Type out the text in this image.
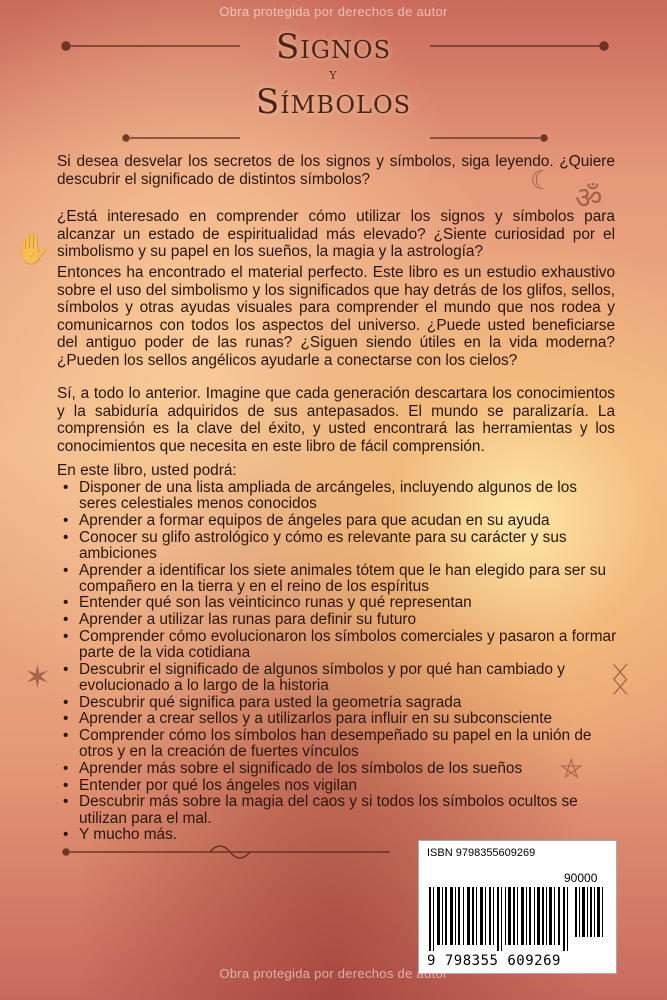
Obra protegida por derechos de autor
Signos
y
Símbolos
ॐ
☾
✋
✶
⛤
ᛝ

Si desea desvelar los secretos de los signos y símbolos, siga leyendo. ¿Quiere descubrir el significado de distintos símbolos?

¿Está interesado en comprender cómo utilizar los signos y símbolos para alcanzar un estado de espiritualidad más elevado? ¿Siente curiosidad por el simbolismo y su papel en los sueños, la magia y la astrología?

Entonces ha encontrado el material perfecto. Este libro es un estudio exhaustivo sobre el uso del simbolismo y los significados que hay detrás de los glifos, sellos, símbolos y otras ayudas visuales para comprender el mundo que nos rodea y comunicarnos con todos los aspectos del universo. ¿Puede usted beneficiarse del antiguo poder de las runas? ¿Siguen siendo útiles en la vida moderna? ¿Pueden los sellos angélicos ayudarle a conectarse con los cielos?

Sí, a todo lo anterior. Imagine que cada generación descartara los conocimientos y la sabiduría adquiridos de sus antepasados. El mundo se paralizaría. La comprensión es la clave del éxito, y usted encontrará las herramientas y los conocimientos que necesita en este libro de fácil comprensión.

En este libro, usted podrá:

• Disponer de una lista ampliada de arcángeles, incluyendo algunos de los seres celestiales menos conocidos
• Aprender a formar equipos de ángeles para que acudan en su ayuda
• Conocer su glifo astrológico y cómo es relevante para su carácter y sus ambiciones
• Aprender a identificar los siete animales tótem que le han elegido para ser su compañero en la tierra y en el reino de los espíritus
• Entender qué son las veinticinco runas y qué representan
• Aprender a utilizar las runas para definir su futuro
• Comprender cómo evolucionaron los símbolos comerciales y pasaron a formar parte de la vida cotidiana
• Descubrir el significado de algunos símbolos y por qué han cambiado y evolucionado a lo largo de la historia
• Descubrir qué significa para usted la geometría sagrada
• Aprender a crear sellos y a utilizarlos para influir en su subconsciente
• Comprender cómo los símbolos han desempeñado su papel en la unión de otros y en la creación de fuertes vínculos
• Aprender más sobre el significado de los símbolos de los sueños
• Entender por qué los ángeles nos vigilan
• Descubrir más sobre la magia del caos y si todos los símbolos ocultos se utilizan para el mal.
• Y mucho más.
ISBN 9798355609269
90000
9 798355 609269
Obra protegida por derechos de autor
